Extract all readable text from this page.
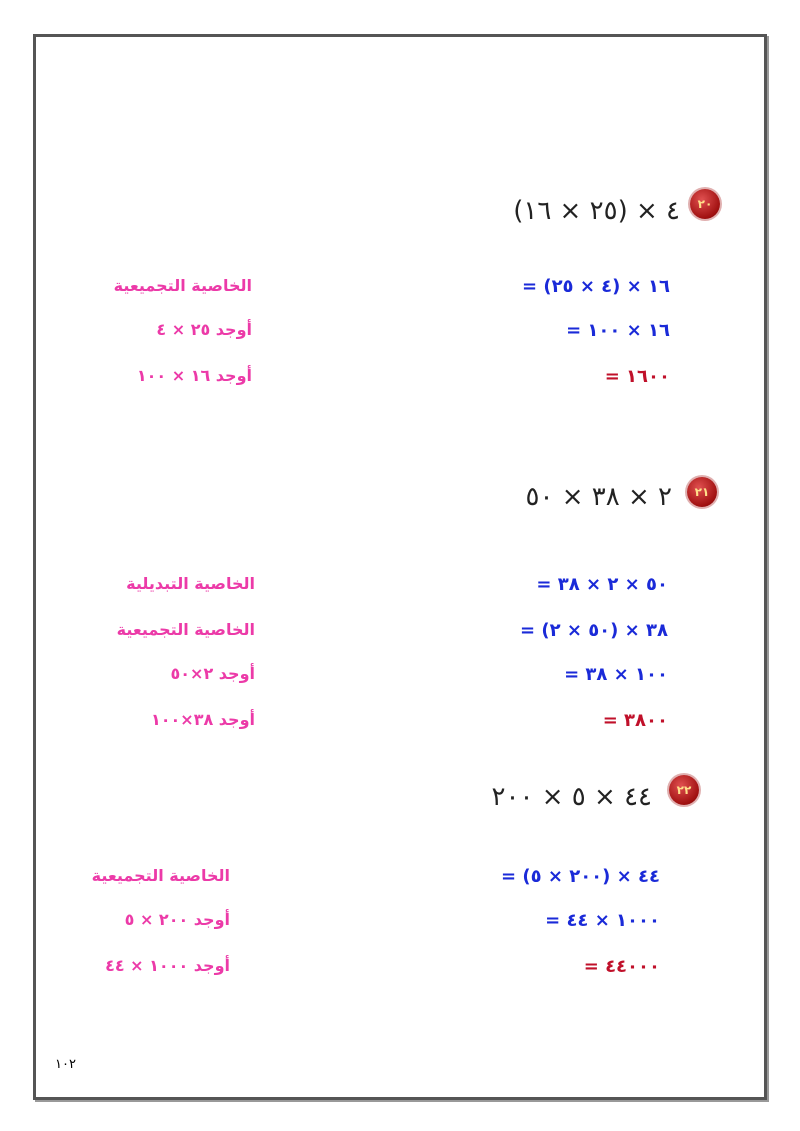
٢٠
٤ × (٢٥ × ١٦)
= ١٦ × (٤ × ٢٥)
الخاصية التجميعية
= ١٦ × ١٠٠
أوجد ٢٥ × ٤
= ١٦٠٠
أوجد ١٦ × ١٠٠
٢١
٢ × ٣٨ × ٥٠
= ٥٠ × ٢ × ٣٨
الخاصية التبديلية
= (٥٠ × ٢) × ٣٨
الخاصية التجميعية
= ١٠٠ × ٣٨
أوجد ٢×٥٠
= ٣٨٠٠
أوجد ٣٨×١٠٠
٢٢
٤٤ × ٥ × ٢٠٠
= (٢٠٠ × ٥) × ٤٤
الخاصية التجميعية
= ١٠٠٠ × ٤٤
أوجد ٢٠٠ × ٥
= ٤٤٠٠٠
أوجد ١٠٠٠ × ٤٤
١٠٢
